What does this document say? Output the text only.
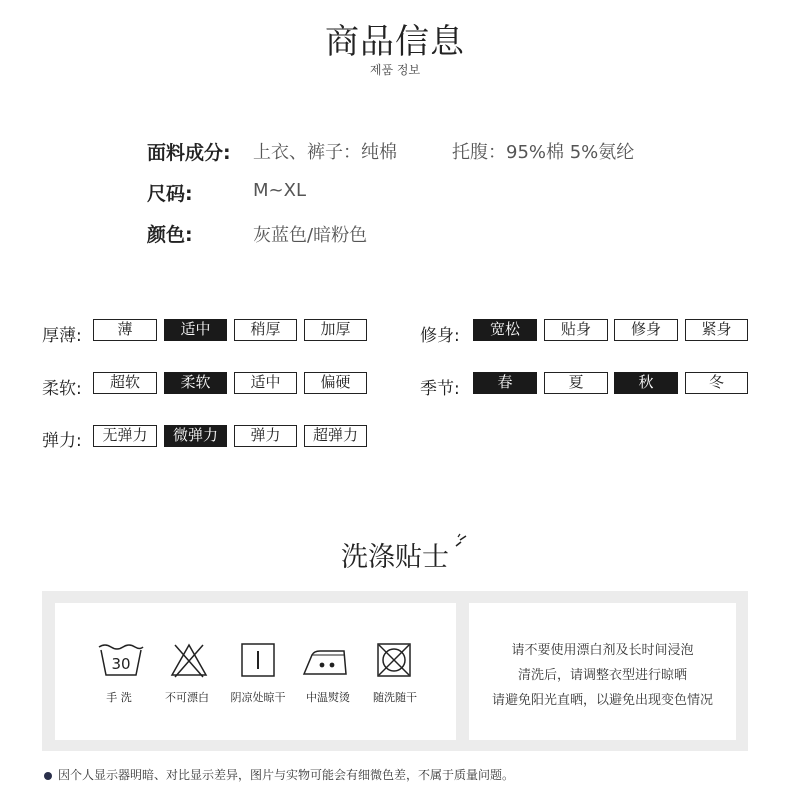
商品信息
제품 정보
面料成分: 上衣、裤子：纯棉	托腹：95%棉 5%氨纶
尺码:	M~XL
颜色:	灰蓝色/暗粉色
厚薄:	薄	适中	稍厚	加厚	修身:	宽松	贴身	修身	紧身
柔软:	超软	柔软	适中	偏硬	季节:	春	夏	秋	冬
弹力:	无弹力	微弹力	弹力	超弹力
洗涤贴士
30
手 洗	不可漂白	阴凉处晾干	中温熨烫	随洗随干
请不要使用漂白剂及长时间浸泡
清洗后，请调整衣型进行晾晒
请避免阳光直晒，以避免出现变色情况
因个人显示器明暗、对比显示差异，图片与实物可能会有细微色差，不属于质量问题。
